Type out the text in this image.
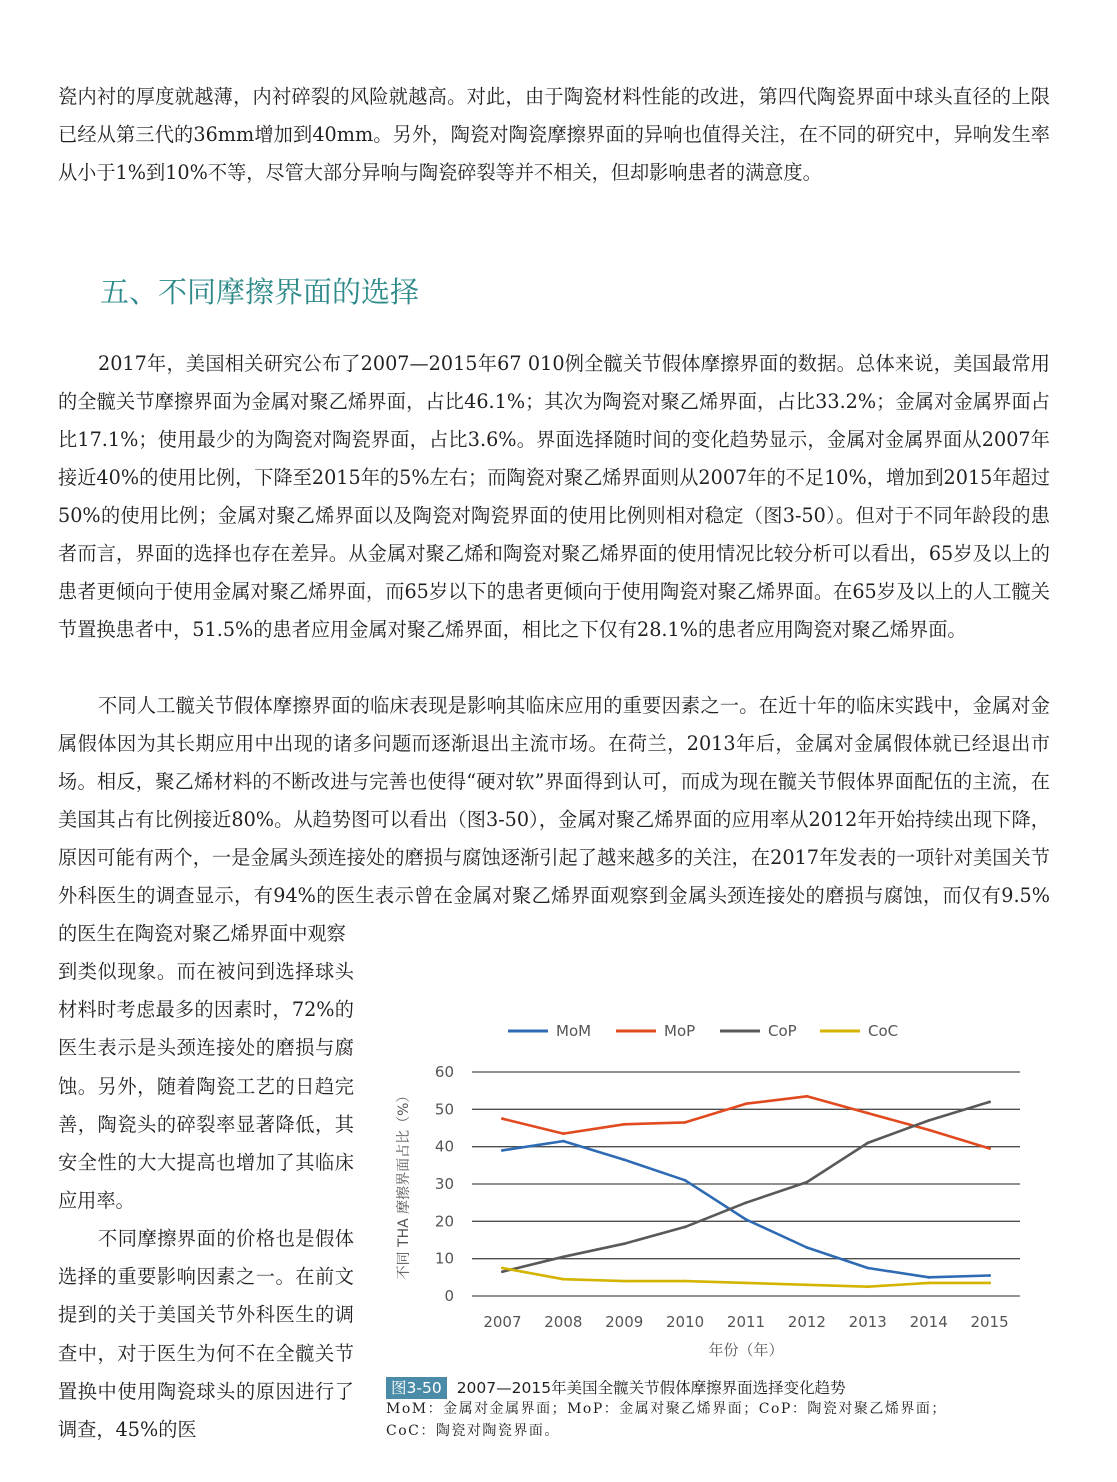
瓷内衬的厚度就越薄，内衬碎裂的风险就越高。对此，由于陶瓷材料性能的改进，第四代陶瓷界面中球头直径的上限已经从第三代的36mm增加到40mm。另外，陶瓷对陶瓷摩擦界面的异响也值得关注，在不同的研究中，异响发生率从小于1%到10%不等，尽管大部分异响与陶瓷碎裂等并不相关，但却影响患者的满意度。

五、不同摩擦界面的选择

2017年，美国相关研究公布了2007—2015年67 010例全髋关节假体摩擦界面的数据。总体来说，美国最常用的全髋关节摩擦界面为金属对聚乙烯界面，占比46.1%；其次为陶瓷对聚乙烯界面，占比33.2%；金属对金属界面占比17.1%；使用最少的为陶瓷对陶瓷界面，占比3.6%。界面选择随时间的变化趋势显示，金属对金属界面从2007年接近40%的使用比例，下降至2015年的5%左右；而陶瓷对聚乙烯界面则从2007年的不足10%，增加到2015年超过50%的使用比例；金属对聚乙烯界面以及陶瓷对陶瓷界面的使用比例则相对稳定（图3-50）。但对于不同年龄段的患者而言，界面的选择也存在差异。从金属对聚乙烯和陶瓷对聚乙烯界面的使用情况比较分析可以看出，65岁及以上的患者更倾向于使用金属对聚乙烯界面，而65岁以下的患者更倾向于使用陶瓷对聚乙烯界面。在65岁及以上的人工髋关节置换患者中，51.5%的患者应用金属对聚乙烯界面，相比之下仅有28.1%的患者应用陶瓷对聚乙烯界面。

不同人工髋关节假体摩擦界面的临床表现是影响其临床应用的重要因素之一。在近十年的临床实践中，金属对金属假体因为其长期应用中出现的诸多问题而逐渐退出主流市场。在荷兰，2013年后，金属对金属假体就已经退出市场。相反，聚乙烯材料的不断改进与完善也使得“硬对软”界面得到认可，而成为现在髋关节假体界面配伍的主流，在美国其占有比例接近80%。从趋势图可以看出（图3-50），金属对聚乙烯界面的应用率从2012年开始持续出现下降，原因可能有两个，一是金属头颈连接处的磨损与腐蚀逐渐引起了越来越多的关注，在2017年发表的一项针对美国关节外科医生的调查显示，有94%的医生表示曾在金属对聚乙烯界面观察到金属头颈连接处的磨损与腐蚀，而仅有9.5%的医生在陶瓷对聚乙烯界面中观察

到类似现象。而在被问到选择球头材料时考虑最多的因素时，72%的医生表示是头颈连接处的磨损与腐蚀。另外，随着陶瓷工艺的日趋完善，陶瓷头的碎裂率显著降低，其安全性的大大提高也增加了其临床应用率。

不同摩擦界面的价格也是假体选择的重要影响因素之一。在前文提到的关于美国关节外科医生的调查中，对于医生为何不在全髋关节置换中使用陶瓷球头的原因进行了调查，45%的医

0
10
20
30
40
50
60
2007 2008 2009 2010 2011 2012 2013 2014 2015
年份（年）
不同 THA 摩擦界面占比（%）
MoM	MoP	CoP	CoC
图3-50 2007—2015年美国全髋关节假体摩擦界面选择变化趋势
MoM：金属对金属界面；MoP：金属对聚乙烯界面；CoP：陶瓷对聚乙烯界面；
CoC：陶瓷对陶瓷界面。
